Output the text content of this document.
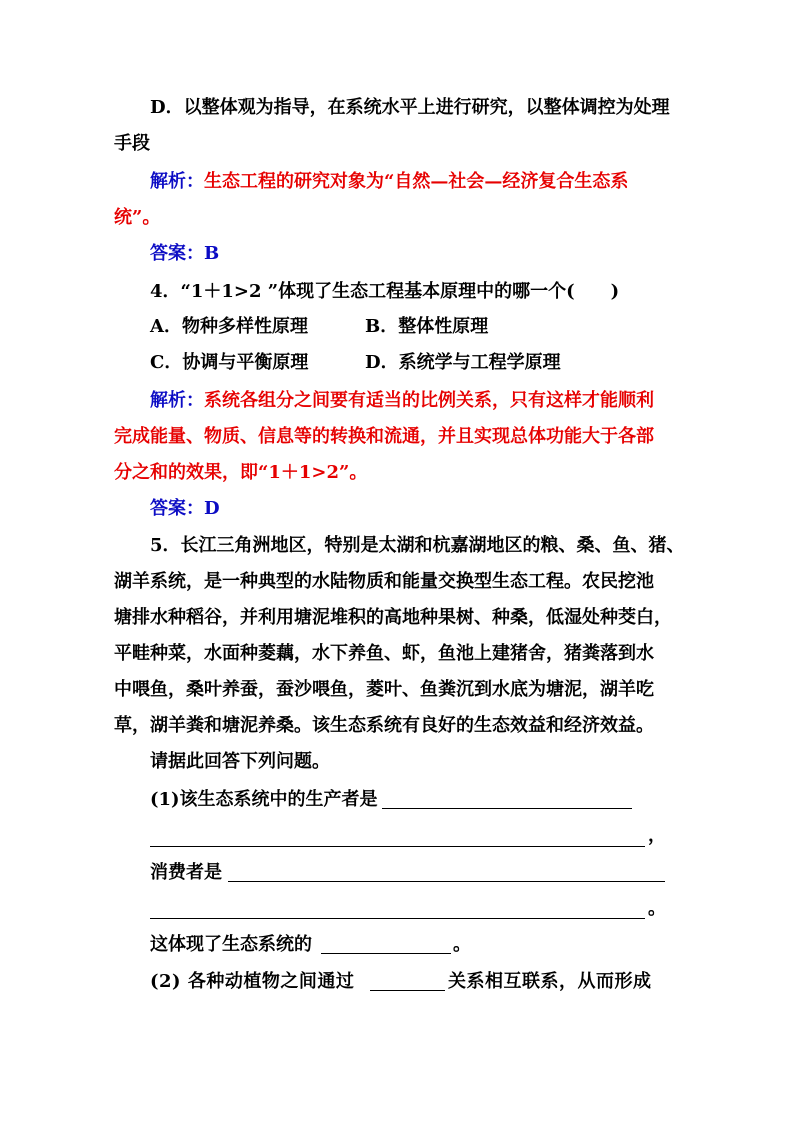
D．以整体观为指导，在系统水平上进行研究，以整体调控为处理
手段
解析：生态工程的研究对象为“自然—社会—经济复合生态系
统”。
答案：B
4．“1＋1>2 ”体现了生态工程基本原理中的哪一个(　　)
A．物种多样性原理	B．整体性原理
C．协调与平衡原理	D．系统学与工程学原理
解析：系统各组分之间要有适当的比例关系，只有这样才能顺利
完成能量、物质、信息等的转换和流通，并且实现总体功能大于各部
分之和的效果，即“1＋1>2”。
答案：D
5．长江三角洲地区，特别是太湖和杭嘉湖地区的粮、桑、鱼、猪、
湖羊系统，是一种典型的水陆物质和能量交换型生态工程。农民挖池
塘排水种稻谷，并利用塘泥堆积的高地种果树、种桑，低湿处种茭白，
平畦种菜，水面种菱藕，水下养鱼、虾，鱼池上建猪舍，猪粪落到水
中喂鱼，桑叶养蚕，蚕沙喂鱼，菱叶、鱼粪沉到水底为塘泥，湖羊吃
草，湖羊粪和塘泥养桑。该生态系统有良好的生态效益和经济效益。
请据此回答下列问题。
(1)该生态系统中的生产者是
，
消费者是
。
这体现了生态系统的	。
(2) 各种动植物之间通过	关系相互联系，从而形成
